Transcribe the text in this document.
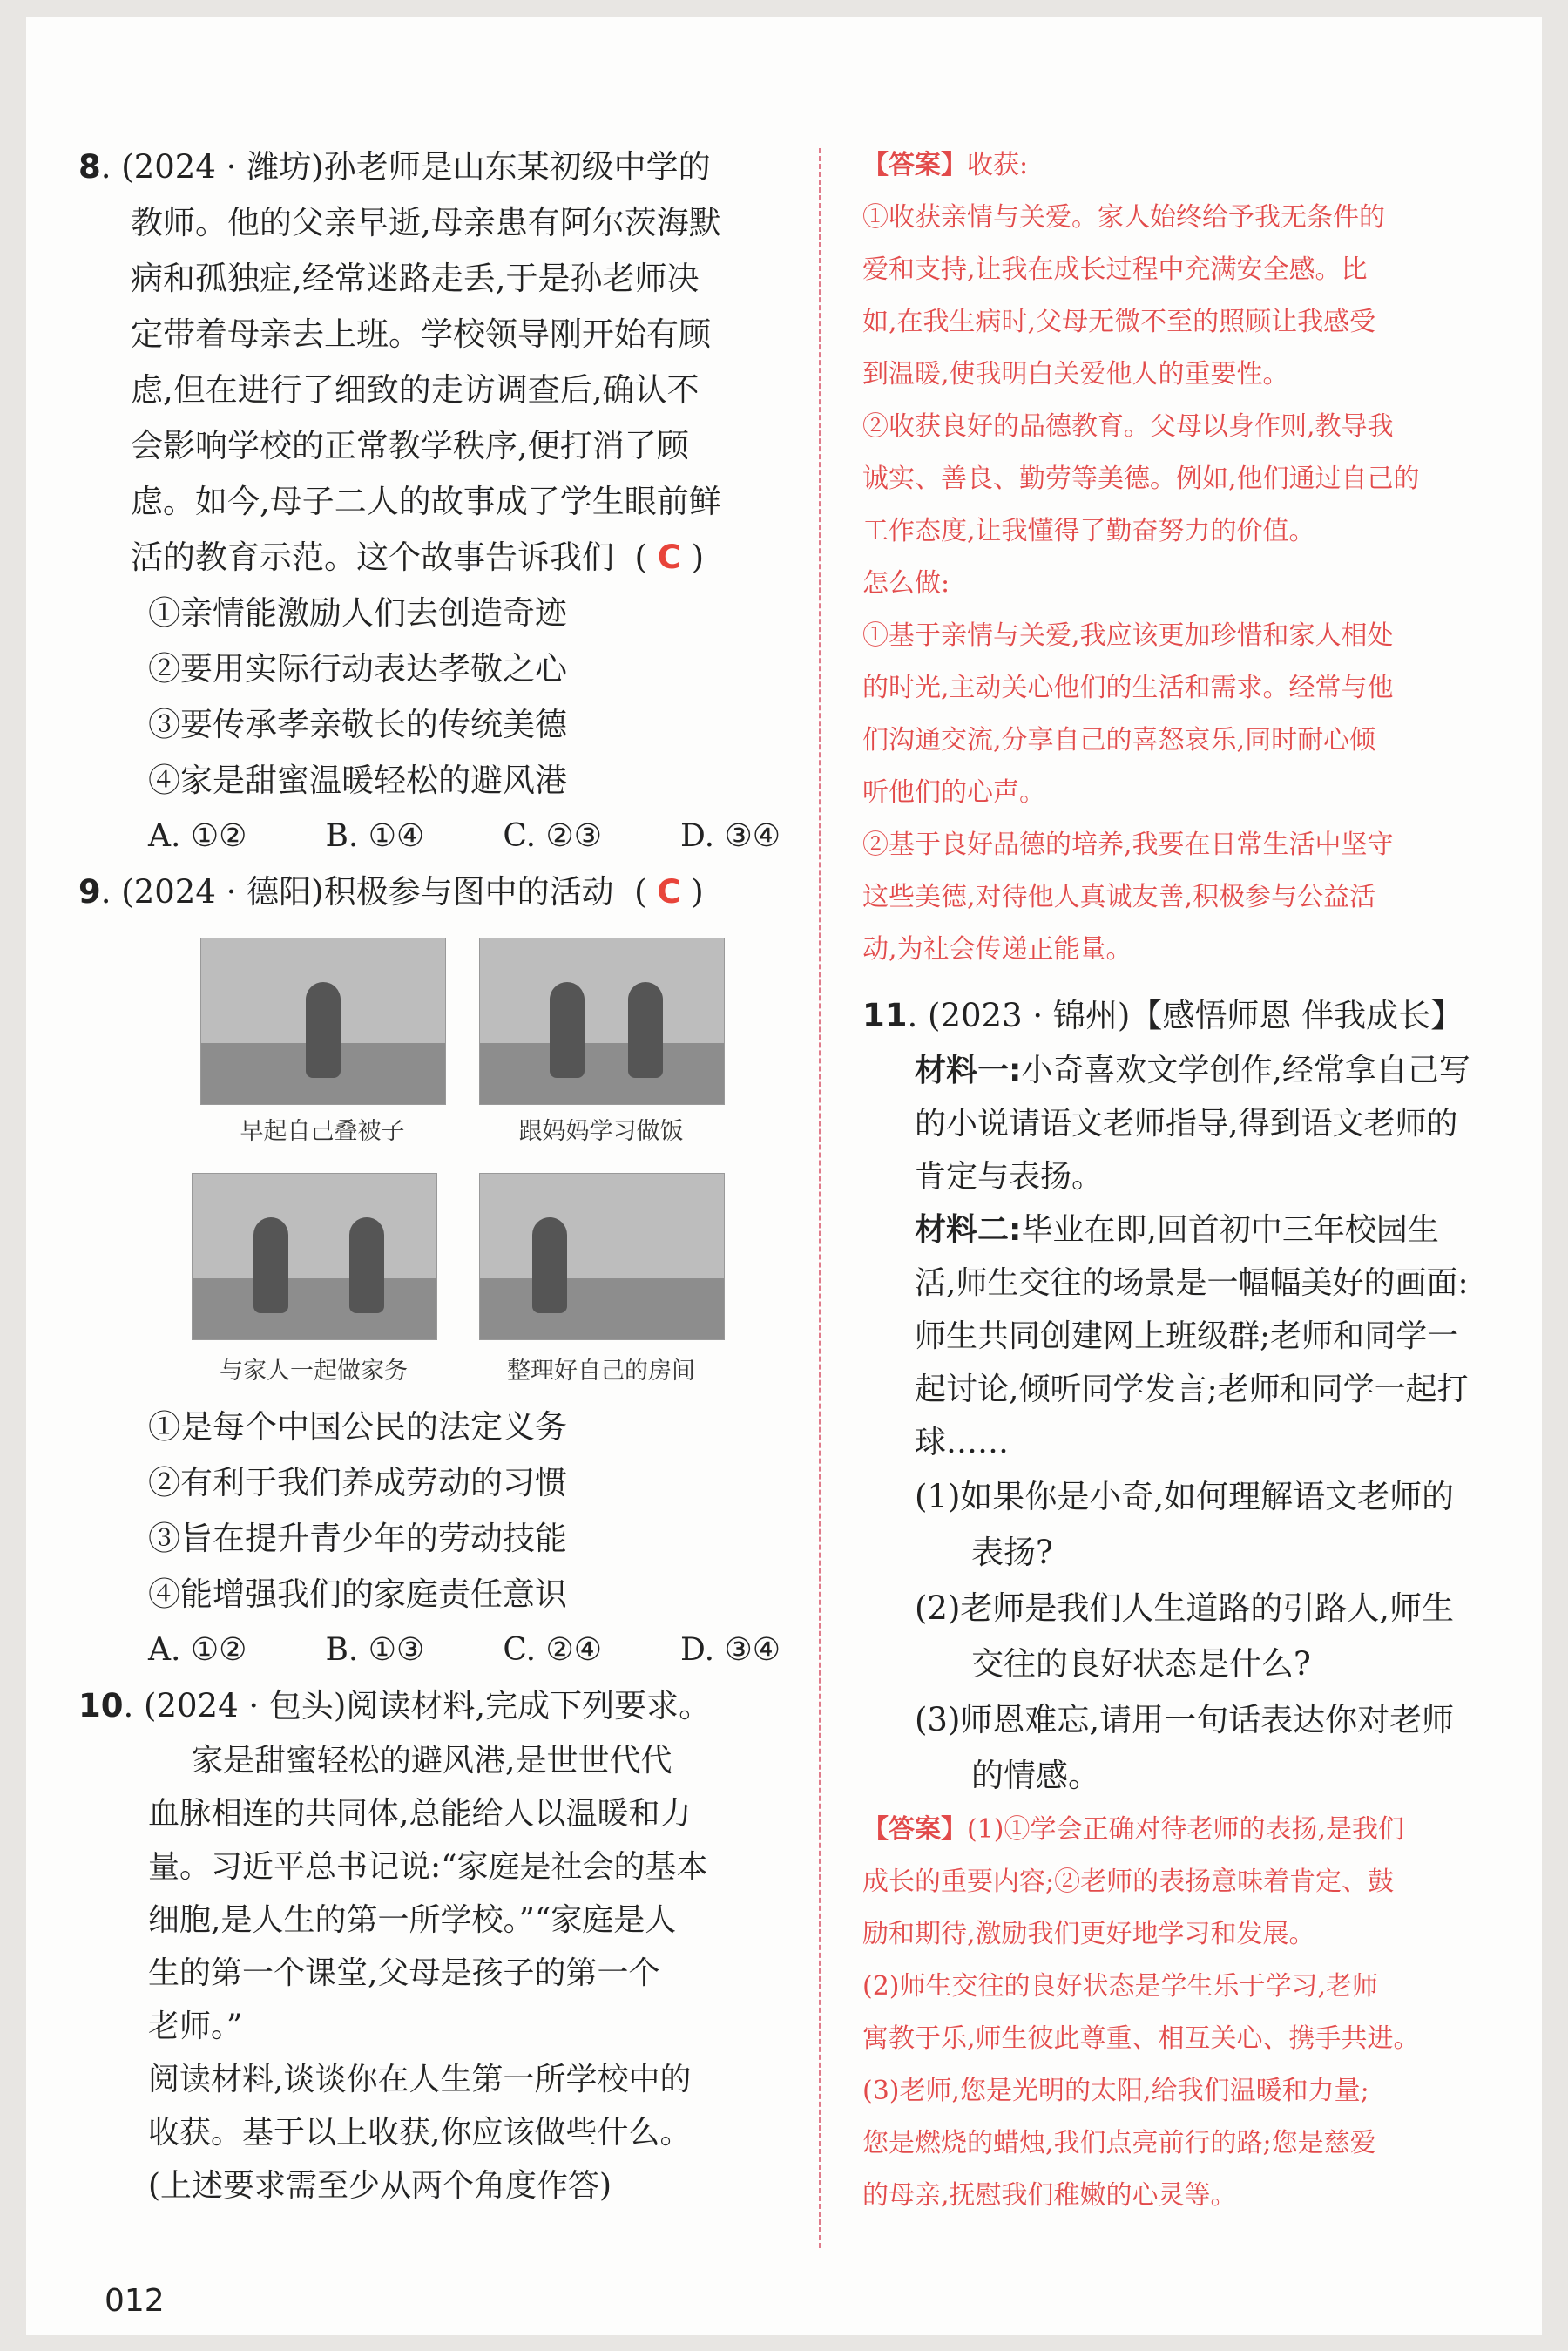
8. (2024 · 潍坊)孙老师是山东某初级中学的
教师。他的父亲早逝,母亲患有阿尔茨海默
病和孤独症,经常迷路走丢,于是孙老师决
定带着母亲去上班。学校领导刚开始有顾
虑,但在进行了细致的走访调查后,确认不
会影响学校的正常教学秩序,便打消了顾
虑。如今,母子二人的故事成了学生眼前鲜
活的教育示范。这个故事告诉我们 ( C )
①亲情能激励人们去创造奇迹
②要用实际行动表达孝敬之心
③要传承孝亲敬长的传统美德
④家是甜蜜温暖轻松的避风港
A. ①②	B. ①④	C. ②③	D. ③④
9. (2024 · 德阳)积极参与图中的活动 ( C )
早起自己叠被子	跟妈妈学习做饭
与家人一起做家务	整理好自己的房间
①是每个中国公民的法定义务
②有利于我们养成劳动的习惯
③旨在提升青少年的劳动技能
④能增强我们的家庭责任意识
A. ①②	B. ①③	C. ②④	D. ③④
10. (2024 · 包头)阅读材料,完成下列要求。
家是甜蜜轻松的避风港,是世世代代
血脉相连的共同体,总能给人以温暖和力
量。习近平总书记说:“家庭是社会的基本
细胞,是人生的第一所学校。”“家庭是人
生的第一个课堂,父母是孩子的第一个
老师。”
阅读材料,谈谈你在人生第一所学校中的
收获。基于以上收获,你应该做些什么。
(上述要求需至少从两个角度作答)
【答案】收获:
①收获亲情与关爱。家人始终给予我无条件的
爱和支持,让我在成长过程中充满安全感。比
如,在我生病时,父母无微不至的照顾让我感受
到温暖,使我明白关爱他人的重要性。
②收获良好的品德教育。父母以身作则,教导我
诚实、善良、勤劳等美德。例如,他们通过自己的
工作态度,让我懂得了勤奋努力的价值。
怎么做:
①基于亲情与关爱,我应该更加珍惜和家人相处
的时光,主动关心他们的生活和需求。经常与他
们沟通交流,分享自己的喜怒哀乐,同时耐心倾
听他们的心声。
②基于良好品德的培养,我要在日常生活中坚守
这些美德,对待他人真诚友善,积极参与公益活
动,为社会传递正能量。
11. (2023 · 锦州)【感悟师恩 伴我成长】
材料一:小奇喜欢文学创作,经常拿自己写
的小说请语文老师指导,得到语文老师的
肯定与表扬。
材料二:毕业在即,回首初中三年校园生
活,师生交往的场景是一幅幅美好的画面:
师生共同创建网上班级群;老师和同学一
起讨论,倾听同学发言;老师和同学一起打
球……
(1)如果你是小奇,如何理解语文老师的
表扬?
(2)老师是我们人生道路的引路人,师生
交往的良好状态是什么?
(3)师恩难忘,请用一句话表达你对老师
的情感。
【答案】(1)①学会正确对待老师的表扬,是我们
成长的重要内容;②老师的表扬意味着肯定、鼓
励和期待,激励我们更好地学习和发展。
(2)师生交往的良好状态是学生乐于学习,老师
寓教于乐,师生彼此尊重、相互关心、携手共进。
(3)老师,您是光明的太阳,给我们温暖和力量;
您是燃烧的蜡烛,我们点亮前行的路;您是慈爱
的母亲,抚慰我们稚嫩的心灵等。
012
